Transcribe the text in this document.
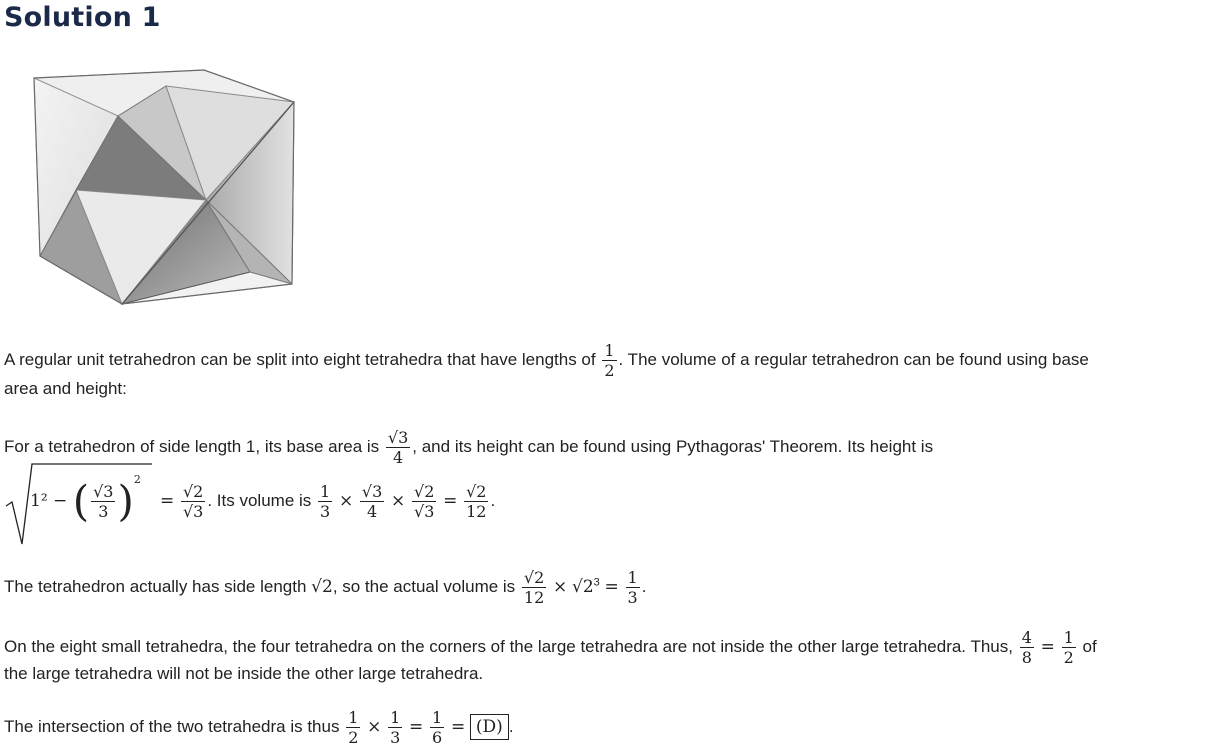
Solution 1
A regular unit tetrahedron can be split into eight tetrahedra that have lengths of $\frac{1}{2}$ . The volume of a regular tetrahedron can be found using base
area and height:
For a tetrahedron of side length 1, its base area is $\frac{√3}{4}$ , and its height can be found using Pythagoras' Theorem. Its height is
1² − ( $\frac{√3}{3} )^2$
= $\frac{√2}{√3}$ . Its volume is $\frac{1}{3} \times \frac{√3}{4} \times \frac{√2}{√3} = \frac{√2}{12}$ .
The tetrahedron actually has side length √2, so the actual volume is $\frac{√2}{12} \times √2^3 = \frac{1}{3}$ .
On the eight small tetrahedra, the four tetrahedra on the corners of the large tetrahedra are not inside the other large tetrahedra. Thus, $\frac{4}{8} = \frac{1}{2}$ of
the large tetrahedra will not be inside the other large tetrahedra.
The intersection of the two tetrahedra is thus $\frac{1}{2} \times \frac{1}{3} = \frac{1}{6} = (D)$ .
